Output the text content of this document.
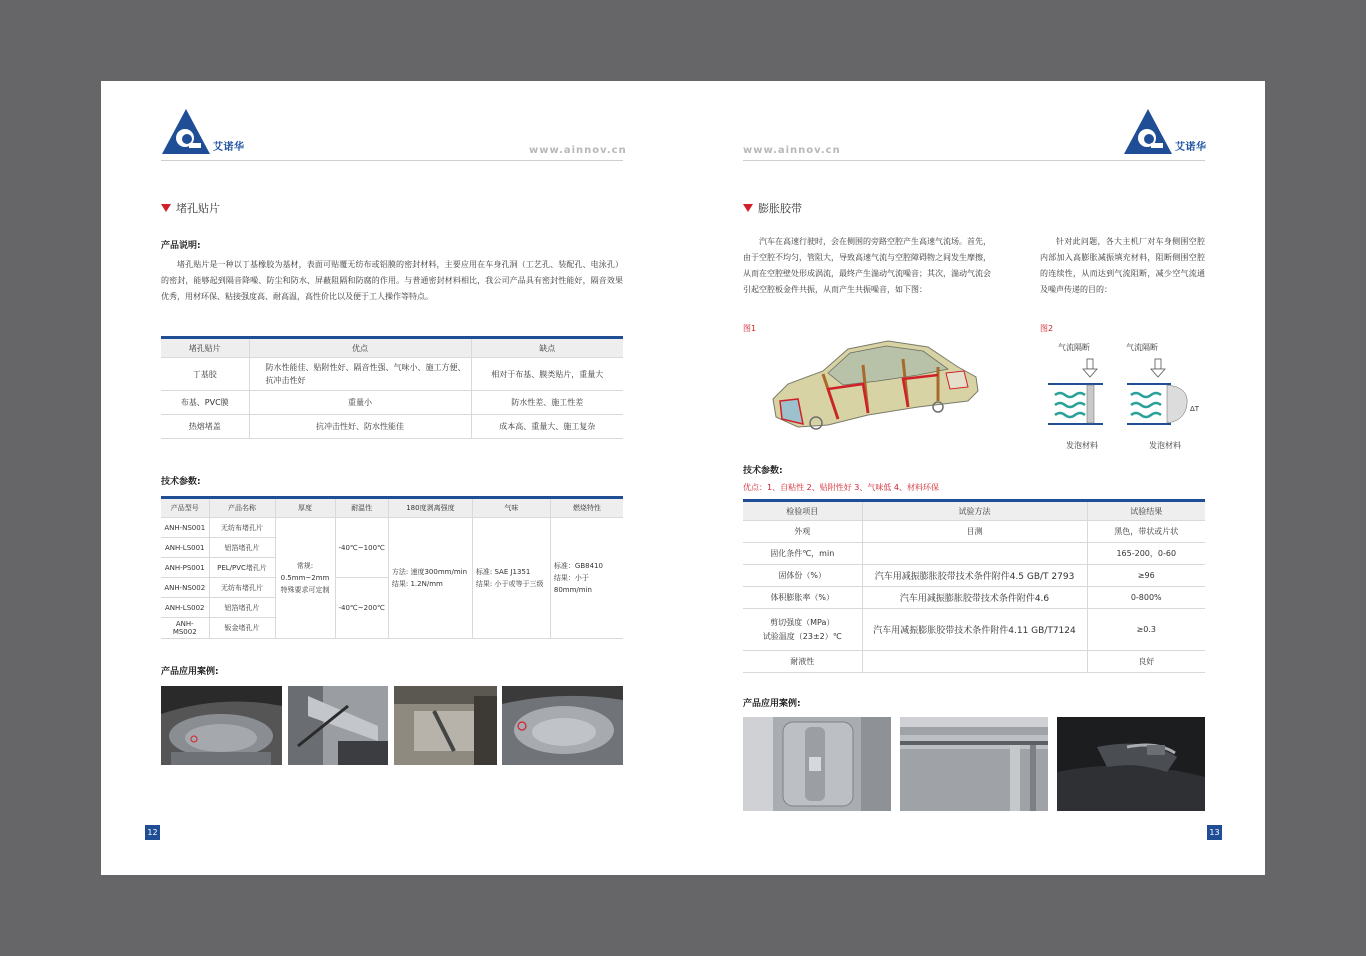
艾诺华	www.ainnov.cn
堵孔贴片
产品说明:

堵孔贴片是一种以丁基橡胶为基材，表面可贴覆无纺布或铝膜的密封材料，主要应用在车身孔洞（工艺孔、装配孔、电泳孔）的密封，能够起到隔音降噪、防尘和防水、屏蔽阻隔和防腐的作用。与普通密封材料相比，我公司产品具有密封性能好，隔音效果优秀，用材环保、粘接强度高、耐高温，高性价比以及便于工人操作等特点。

堵孔贴片	优点	缺点
丁基胶	防水性能佳、贴附性好、隔音性强、气味小、施工方便、抗冲击性好	相对于布基、膜类贴片，重量大
布基、PVC膜	重量小	防水性差、施工性差
热熔堵盖	抗冲击性好、防水性能佳	成本高、重量大、施工复杂
技术参数:
产品型号	产品名称	厚度	耐温性	180度剥离强度	气味	燃烧特性
ANH-NS001	无纺布堵孔片	常规:
0.5mm~2mm
特殊要求可定制	-40℃~100℃	方法: 速度300mm/min
结果: 1.2N/mm	标准: SAE J1351
结果: 小于或等于三级	标准：GB8410
结果：小于80mm/min
ANH-LS001	铝箔堵孔片					
ANH-PS001	PEL/PVC堵孔片					
ANH-NS002	无纺布堵孔片		-40℃~200℃			
ANH-LS002	铝箔堵孔片					
ANH-MS002	钣金堵孔片					
产品应用案例:
12
www.ainnov.cn	艾诺华
膨胀胶带

汽车在高速行驶时，会在侧围的旁路空腔产生高速气流场。首先，由于空腔不均匀，管阻大，导致高速气流与空腔障碍物之间发生摩擦，从而在空腔壁处形成涡流，最终产生湍动气流噪音；其次，湍动气流会引起空腔板金件共振，从而产生共振噪音，如下图：

针对此问题，各大主机厂对车身侧围空腔内部加入高膨胀减振填充材料，阻断侧围空腔的连续性，从而达到气流阻断，减少空气流通及噪声传递的目的：

图1	图2
气流隔断	气流隔断
ΔT
发泡材料	发泡材料
技术参数:
优点：1、自粘性 2、贴附性好 3、气味低 4、材料环保
检验项目	试验方法	试验结果
外观	目测	黑色，带状或片状
固化条件℃，min		165-200，0-60
固体份（%）	汽车用减振膨胀胶带技术条件附件4.5 GB/T 2793	≥96
体积膨胀率（%）	汽车用减振膨胀胶带技术条件附件4.6	0-800%
剪切强度（MPa）
试验温度（23±2）℃	汽车用减振膨胀胶带技术条件附件4.11 GB/T7124	≥0.3
耐液性		良好
产品应用案例:
13
